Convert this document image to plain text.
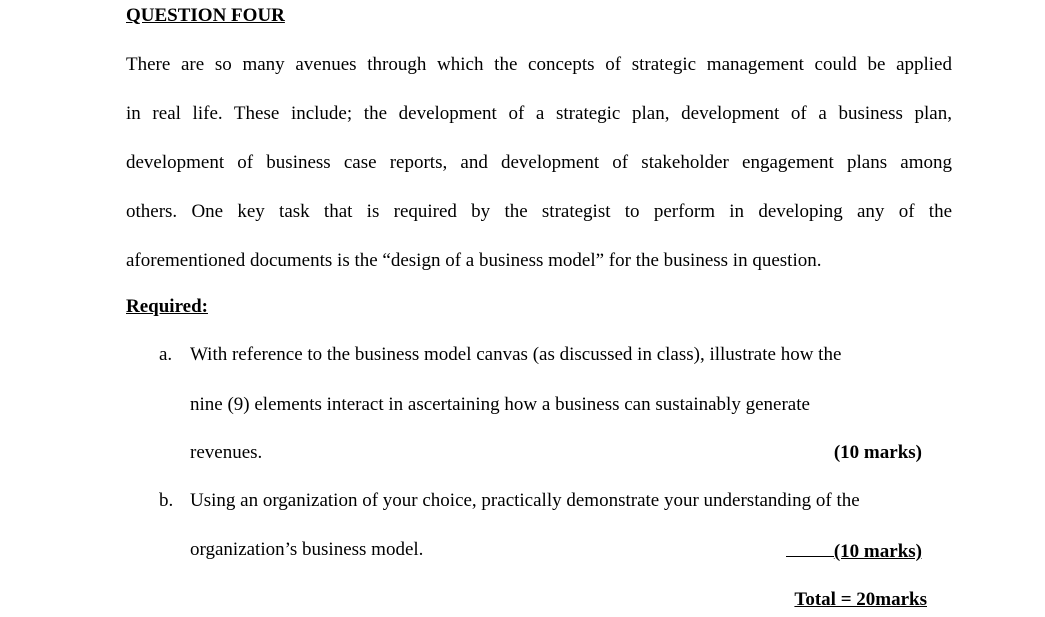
QUESTION FOUR
There are so many avenues through which the concepts of strategic management could be applied
in real life. These include; the development of a strategic plan, development of a business plan,
development of business case reports, and development of stakeholder engagement plans among
others. One key task that is required by the strategist to perform in developing any of the
aforementioned documents is the “design of a business model” for the business in question.
Required:
a. With reference to the business model canvas (as discussed in class), illustrate how the
nine (9) elements interact in ascertaining how a business can sustainably generate
revenues.	(10 marks)
b. Using an organization of your choice, practically demonstrate your understanding of the
organization’s business model.	(10 marks)
Total = 20marks
